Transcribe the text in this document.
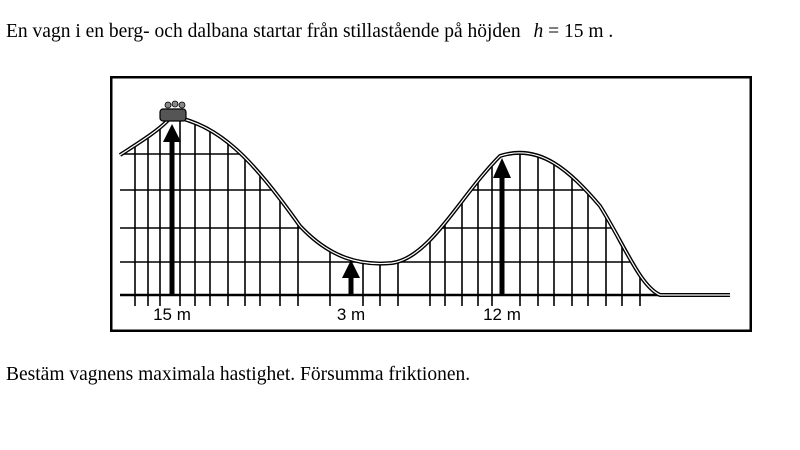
En vagn i en berg- och dalbana startar från stillastående på höjden h = 15 m .
15 m	3 m	12 m
Bestäm vagnens maximala hastighet. Försumma friktionen.
